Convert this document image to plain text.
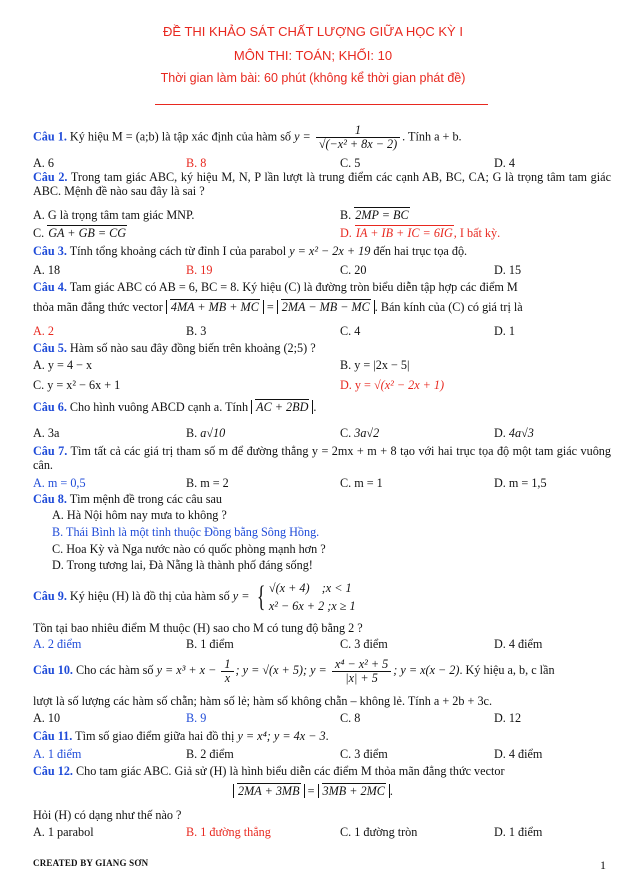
ĐỀ THI KHẢO SÁT CHẤT LƯỢNG GIỮA HỌC KỲ I
MÔN THI: TOÁN; KHỐI: 10
Thời gian làm bài: 60 phút (không kể thời gian phát đề)
Câu 1. Ký hiệu M = (a;b) là tập xác định của hàm số $y = \frac{1}{\text{√(−x² + 8x − 2)}}$ . Tính a + b.
A. 6	B. 8	C. 5	D. 4
Câu 2. Trong tam giác ABC, ký hiệu M, N, P lần lượt là trung điểm các cạnh AB, BC, CA; G là trọng tâm tam giác ABC. Mệnh đề nào sau đây là sai ?
A. G là trọng tâm tam giác MNP.	B. 2MP = BC
C. GA + GB = CG	D. IA + IB + IC = 6IG, I bất kỳ.
Câu 3. Tính tổng khoảng cách từ đỉnh I của parabol y = x² − 2x + 19 đến hai trục tọa độ.
A. 18	B. 19	C. 20	D. 15
Câu 4. Tam giác ABC có AB = 6, BC = 8. Ký hiệu (C) là đường tròn biểu diễn tập hợp các điểm M
thỏa mãn đẳng thức vector 4MA + MB + MC = 2MA − MB − MC . Bán kính của (C) có giá trị là
A. 2	B. 3	C. 4	D. 1
Câu 5. Hàm số nào sau đây đồng biến trên khoảng (2;5) ?
A. y = 4 − x	B. y = |2x − 5|
C. y = x² − 6x + 1	D. y = √(x² − 2x + 1)
Câu 6. Cho hình vuông ABCD cạnh a. Tính AC + 2BD .
A. 3a	B. a√10	C. 3a√2	D. 4a√3
Câu 7. Tìm tất cả các giá trị tham số m để đường thẳng y = 2mx + m + 8 tạo với hai trục tọa độ một tam giác vuông cân.
A. m = 0,5	B. m = 2	C. m = 1	D. m = 1,5
Câu 8. Tìm mệnh đề trong các câu sau
A. Hà Nội hôm nay mưa to không ?
B. Thái Bình là một tỉnh thuộc Đồng bằng Sông Hồng.
C. Hoa Kỳ và Nga nước nào có quốc phòng mạnh hơn ?
D. Trong tương lai, Đà Nẵng là thành phố đáng sống!
Câu 9. Ký hiệu (H) là đồ thị của hàm số y = { √(x + 4) ;x < 1
x² − 6x + 2 ;x ≥ 1
Tồn tại bao nhiêu điểm M thuộc (H) sao cho M có tung độ bằng 2 ?
A. 2 điểm	B. 1 điểm	C. 3 điểm	D. 4 điểm
Câu 10. Cho các hàm số $y = x^3 + x - \frac{1}{x}$ ; y = √(x + 5); $y = \frac{\text{x⁴ − x² + 5}}{|x| + 5}$ ; y = x(x − 2). Ký hiệu a, b, c lần
lượt là số lượng các hàm số chẵn; hàm số lẻ; hàm số không chẵn – không lẻ. Tính a + 2b + 3c.
A. 10	B. 9	C. 8	D. 12
Câu 11. Tìm số giao điểm giữa hai đồ thị y = x⁴; y = 4x − 3.
A. 1 điểm	B. 2 điểm	C. 3 điểm	D. 4 điểm
Câu 12. Cho tam giác ABC. Giả sử (H) là hình biểu diễn các điểm M thỏa mãn đẳng thức vector
2MA + 3MB = 3MB + 2MC .
Hỏi (H) có dạng như thế nào ?
A. 1 parabol	B. 1 đường thẳng	C. 1 đường tròn	D. 1 điểm
CREATED BY GIANG SƠN	1
